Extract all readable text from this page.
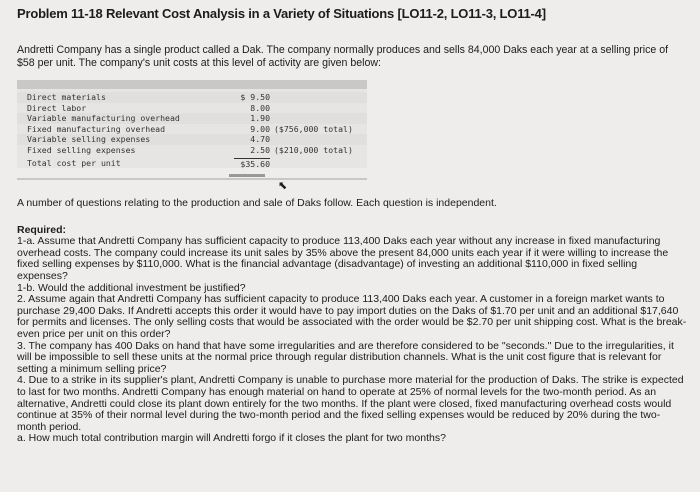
Problem 11-18 Relevant Cost Analysis in a Variety of Situations [LO11-2, LO11-3, LO11-4]
Andretti Company has a single product called a Dak. The company normally produces and sells 84,000 Daks each year at a selling price of $58 per unit. The company's unit costs at this level of activity are given below:
Direct materials	$ 9.50
Direct labor	8.00
Variable manufacturing overhead	1.90
Fixed manufacturing overhead	9.00 ($756,000 total)
Variable selling expenses	4.70
Fixed selling expenses	2.50 ($210,000 total)
Total cost per unit	$35.60
⬉

A number of questions relating to the production and sale of Daks follow. Each question is independent.

Required:

1-a. Assume that Andretti Company has sufficient capacity to produce 113,400 Daks each year without any increase in fixed manufacturing overhead costs. The company could increase its unit sales by 35% above the present 84,000 units each year if it were willing to increase the fixed selling expenses by $110,000. What is the financial advantage (disadvantage) of investing an additional $110,000 in fixed selling expenses?

1-b. Would the additional investment be justified?

2. Assume again that Andretti Company has sufficient capacity to produce 113,400 Daks each year. A customer in a foreign market wants to purchase 29,400 Daks. If Andretti accepts this order it would have to pay import duties on the Daks of $1.70 per unit and an additional $17,640 for permits and licenses. The only selling costs that would be associated with the order would be $2.70 per unit shipping cost. What is the break-even price per unit on this order?

3. The company has 400 Daks on hand that have some irregularities and are therefore considered to be "seconds." Due to the irregularities, it will be impossible to sell these units at the normal price through regular distribution channels. What is the unit cost figure that is relevant for setting a minimum selling price?

4. Due to a strike in its supplier's plant, Andretti Company is unable to purchase more material for the production of Daks. The strike is expected to last for two months. Andretti Company has enough material on hand to operate at 25% of normal levels for the two-month period. As an alternative, Andretti could close its plant down entirely for the two months. If the plant were closed, fixed manufacturing overhead costs would continue at 35% of their normal level during the two-month period and the fixed selling expenses would be reduced by 20% during the two-month period.

a. How much total contribution margin will Andretti forgo if it closes the plant for two months?
